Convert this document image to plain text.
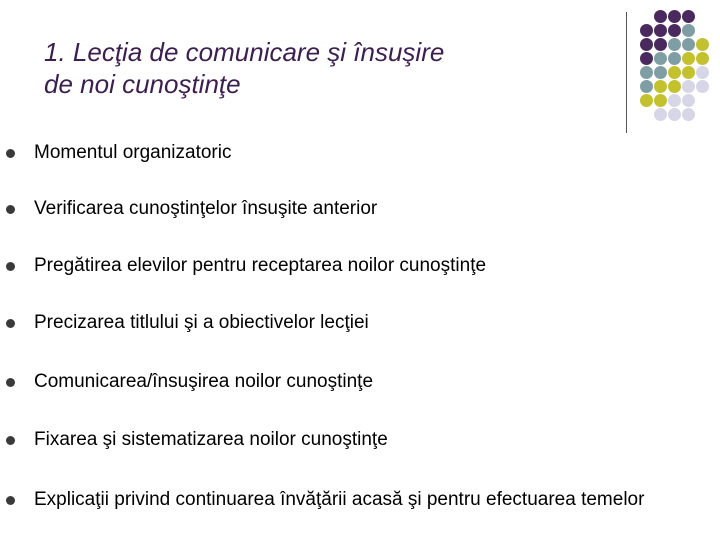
1. Lecţia de comunicare şi însuşire
de noi cunoştinţe
Momentul organizatoric
Verificarea cunoştinţelor însuşite anterior
Pregătirea elevilor pentru receptarea noilor cunoştinţe
Precizarea titlului şi a obiectivelor lecţiei
Comunicarea/însuşirea noilor cunoştinţe
Fixarea şi sistematizarea noilor cunoştinţe
Explicaţii privind continuarea învăţării acasă şi pentru efectuarea temelor
